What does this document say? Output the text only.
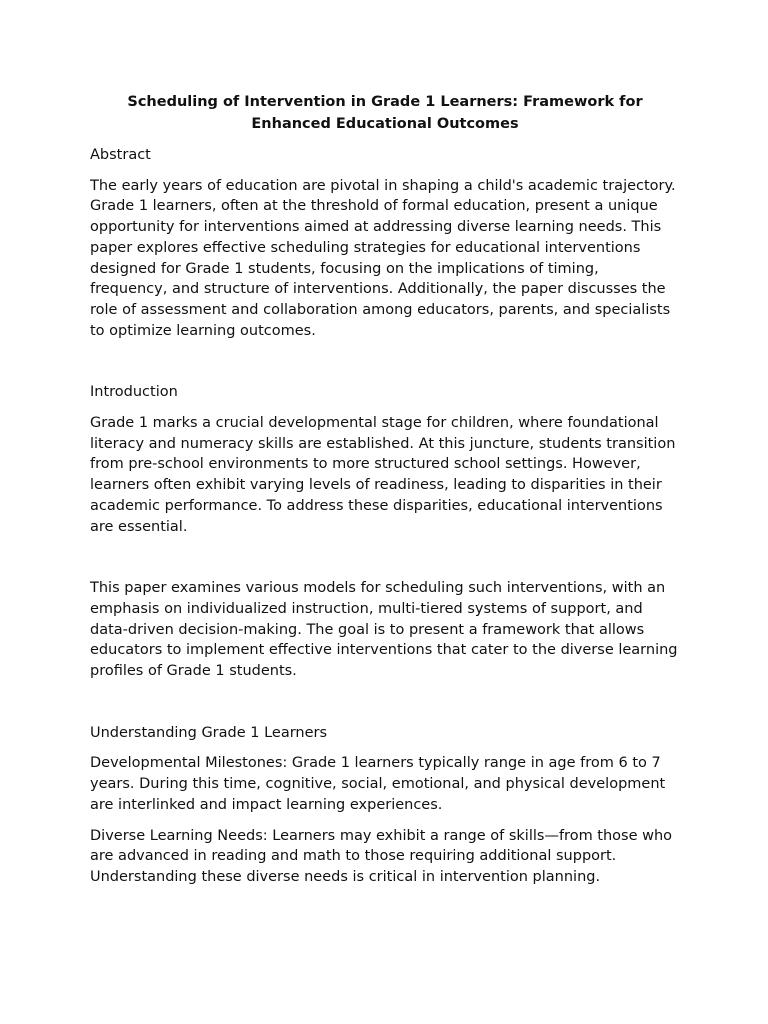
Scheduling of Intervention in Grade 1 Learners: Framework for Enhanced Educational Outcomes
Abstract

The early years of education are pivotal in shaping a child's academic trajectory. Grade 1 learners, often at the threshold of formal education, present a unique opportunity for interventions aimed at addressing diverse learning needs. This paper explores effective scheduling strategies for educational interventions designed for Grade 1 students, focusing on the implications of timing, frequency, and structure of interventions. Additionally, the paper discusses the role of assessment and collaboration among educators, parents, and specialists to optimize learning outcomes.

Introduction

Grade 1 marks a crucial developmental stage for children, where foundational literacy and numeracy skills are established. At this juncture, students transition from pre-school environments to more structured school settings. However, learners often exhibit varying levels of readiness, leading to disparities in their academic performance. To address these disparities, educational interventions are essential.

This paper examines various models for scheduling such interventions, with an emphasis on individualized instruction, multi-tiered systems of support, and data-driven decision-making. The goal is to present a framework that allows educators to implement effective interventions that cater to the diverse learning profiles of Grade 1 students.

Understanding Grade 1 Learners

Developmental Milestones: Grade 1 learners typically range in age from 6 to 7 years. During this time, cognitive, social, emotional, and physical development are interlinked and impact learning experiences.

Diverse Learning Needs: Learners may exhibit a range of skills—from those who are advanced in reading and math to those requiring additional support. Understanding these diverse needs is critical in intervention planning.
